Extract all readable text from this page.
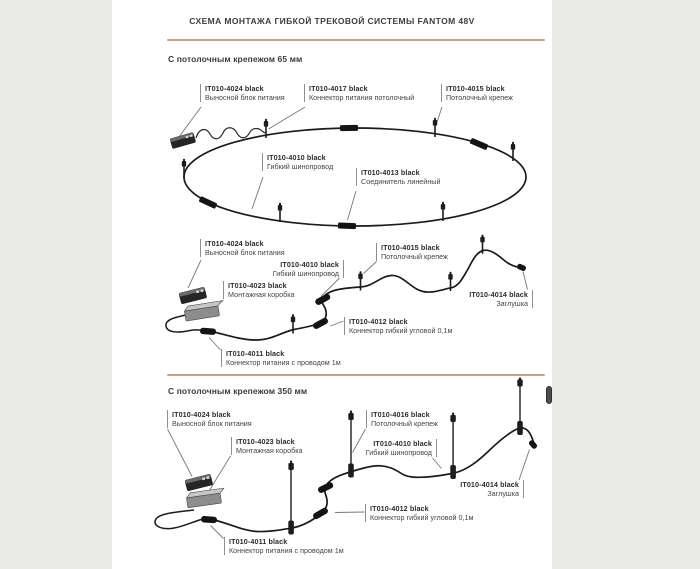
СХЕМА МОНТАЖА ГИБКОЙ ТРЕКОВОЙ СИСТЕМЫ FANTOM 48V
С потолочным крепежом 65 мм
С потолочным крепежом 350 мм
IT010-4024 black
Выносной блок питания
IT010-4017 black
Коннектор питания потолочный
IT010-4015 black
Потолочный крепеж
IT010-4010 black
Гибкий шинопровод
IT010-4013 black
Соединитель линейный
IT010-4024 black
Выносной блок питания
IT010-4010 black
Гибкий шинопровод
IT010-4015 black
Потолочный крепеж
IT010-4023 black
Монтажная коробка	IT010-4014 black
Заглушка
IT010-4012 black
Коннектор гибкий угловой 0,1м
IT010-4011 black
Коннектор питания с проводом 1м
IT010-4024 black
Выносной блок питания
IT010-4023 black
Монтажная коробка
IT010-4016 black
Потолочный крепеж
IT010-4010 black
Гибкий шинопровод
IT010-4014 black
Заглушка
IT010-4012 black
Коннектор гибкий угловой 0,1м
IT010-4011 black
Коннектор питания с проводом 1м
